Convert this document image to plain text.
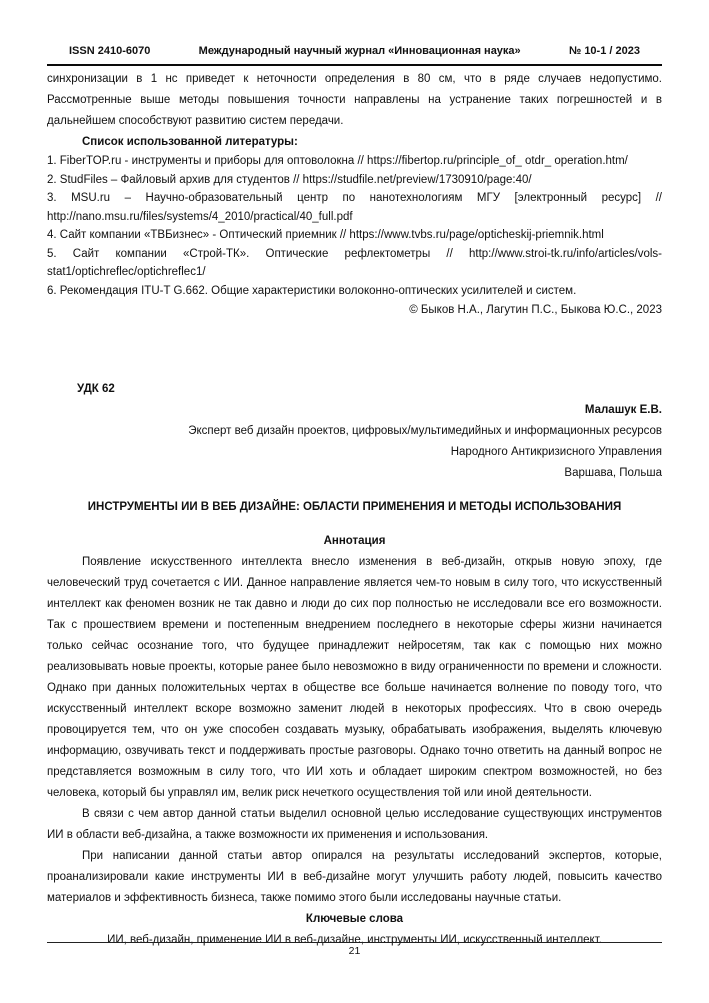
ISSN 2410-6070	Международный научный журнал «Инновационная наука»	№ 10-1 / 2023

синхронизации в 1 нс приведет к неточности определения в 80 см, что в ряде случаев недопустимо. Рассмотренные выше методы повышения точности направлены на устранение таких погрешностей и в дальнейшем способствуют развитию систем передачи.

Список использованной литературы:

1. FiberTOP.ru - инструменты и приборы для оптоволокна // https://fibertop.ru/principle_of_ otdr_ operation.htm/

2. StudFiles – Файловый архив для студентов // https://studfile.net/preview/1730910/page:40/

3. MSU.ru – Научно-образовательный центр по нанотехнологиям МГУ [электронный ресурс] // http://nano.msu.ru/files/systems/4_2010/practical/40_full.pdf

4. Сайт компании «ТВБизнес» - Оптический приемник // https://www.tvbs.ru/page/opticheskij-priemnik.html

5. Сайт компании «Строй-ТК». Оптические рефлектометры // http://www.stroi-tk.ru/info/articles/vols-stat1/optichreflec/optichreflec1/

6. Рекомендация ITU-T G.662. Общие характеристики волоконно-оптических усилителей и систем.

© Быков Н.А., Лагутин П.С., Быкова Ю.С., 2023

УДК 62

Малашук Е.В.

Эксперт веб дизайн проектов, цифровых/мультимедийных и информационных ресурсов

Народного Антикризисного Управления

Варшава, Польша

ИНСТРУМЕНТЫ ИИ В ВЕБ ДИЗАЙНЕ: ОБЛАСТИ ПРИМЕНЕНИЯ И МЕТОДЫ ИСПОЛЬЗОВАНИЯ
Аннотация

Появление искусственного интеллекта внесло изменения в веб-дизайн, открыв новую эпоху, где человеческий труд сочетается с ИИ. Данное направление является чем-то новым в силу того, что искусственный интеллект как феномен возник не так давно и люди до сих пор полностью не исследовали все его возможности. Так с прошествием времени и постепенным внедрением последнего в некоторые сферы жизни начинается только сейчас осознание того, что будущее принадлежит нейросетям, так как с помощью них можно реализовывать новые проекты, которые ранее было невозможно в виду ограниченности по времени и сложности. Однако при данных положительных чертах в обществе все больше начинается волнение по поводу того, что искусственный интеллект вскоре возможно заменит людей в некоторых профессиях. Что в свою очередь провоцируется тем, что он уже способен создавать музыку, обрабатывать изображения, выделять ключевую информацию, озвучивать текст и поддерживать простые разговоры. Однако точно ответить на данный вопрос не представляется возможным в силу того, что ИИ хоть и обладает широким спектром возможностей, но без человека, который бы управлял им, велик риск нечеткого осуществления той или иной деятельности.

В связи с чем автор данной статьи выделил основной целью исследование существующих инструментов ИИ в области веб-дизайна, а также возможности их применения и использования.

При написании данной статьи автор опирался на результаты исследований экспертов, которые, проанализировали какие инструменты ИИ в веб-дизайне могут улучшить работу людей, повысить качество материалов и эффективность бизнеса, также помимо этого были исследованы научные статьи.

Ключевые слова

ИИ, веб-дизайн, применение ИИ в веб-дизайне, инструменты ИИ, искусственный интеллект.

21
